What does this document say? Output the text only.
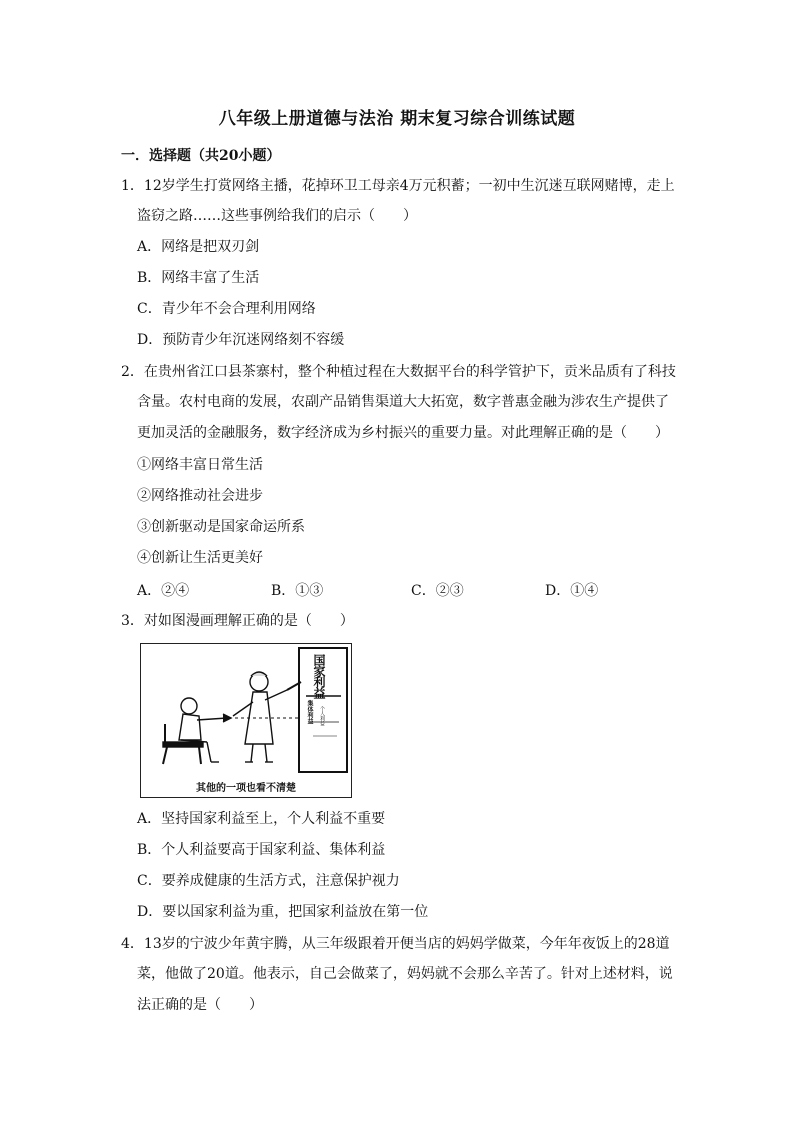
八年级上册道德与法治 期末复习综合训练试题
一．选择题（共20小题）
1．12岁学生打赏网络主播，花掉环卫工母亲4万元积蓄；一初中生沉迷互联网赌博，走上
盗窃之路……这些事例给我们的启示（　　）
A．网络是把双刃剑
B．网络丰富了生活
C．青少年不会合理利用网络
D．预防青少年沉迷网络刻不容缓
2．在贵州省江口县茶寨村，整个种植过程在大数据平台的科学管护下，贡米品质有了科技
含量。农村电商的发展，农副产品销售渠道大大拓宽，数字普惠金融为涉农生产提供了
更加灵活的金融服务，数字经济成为乡村振兴的重要力量。对此理解正确的是（　　）
①网络丰富日常生活
②网络推动社会进步
③创新驱动是国家命运所系
④创新让生活更美好
A．②④	B．①③	C．②③	D．①④
3．对如图漫画理解正确的是（　　）
国家利益
集体利益 个人利益
其他的一项也看不清楚
A．坚持国家利益至上，个人利益不重要
B．个人利益要高于国家利益、集体利益
C．要养成健康的生活方式，注意保护视力
D．要以国家利益为重，把国家利益放在第一位
4．13岁的宁波少年黄宇腾，从三年级跟着开便当店的妈妈学做菜，今年年夜饭上的28道
菜，他做了20道。他表示，自己会做菜了，妈妈就不会那么辛苦了。针对上述材料，说
法正确的是（　　）
